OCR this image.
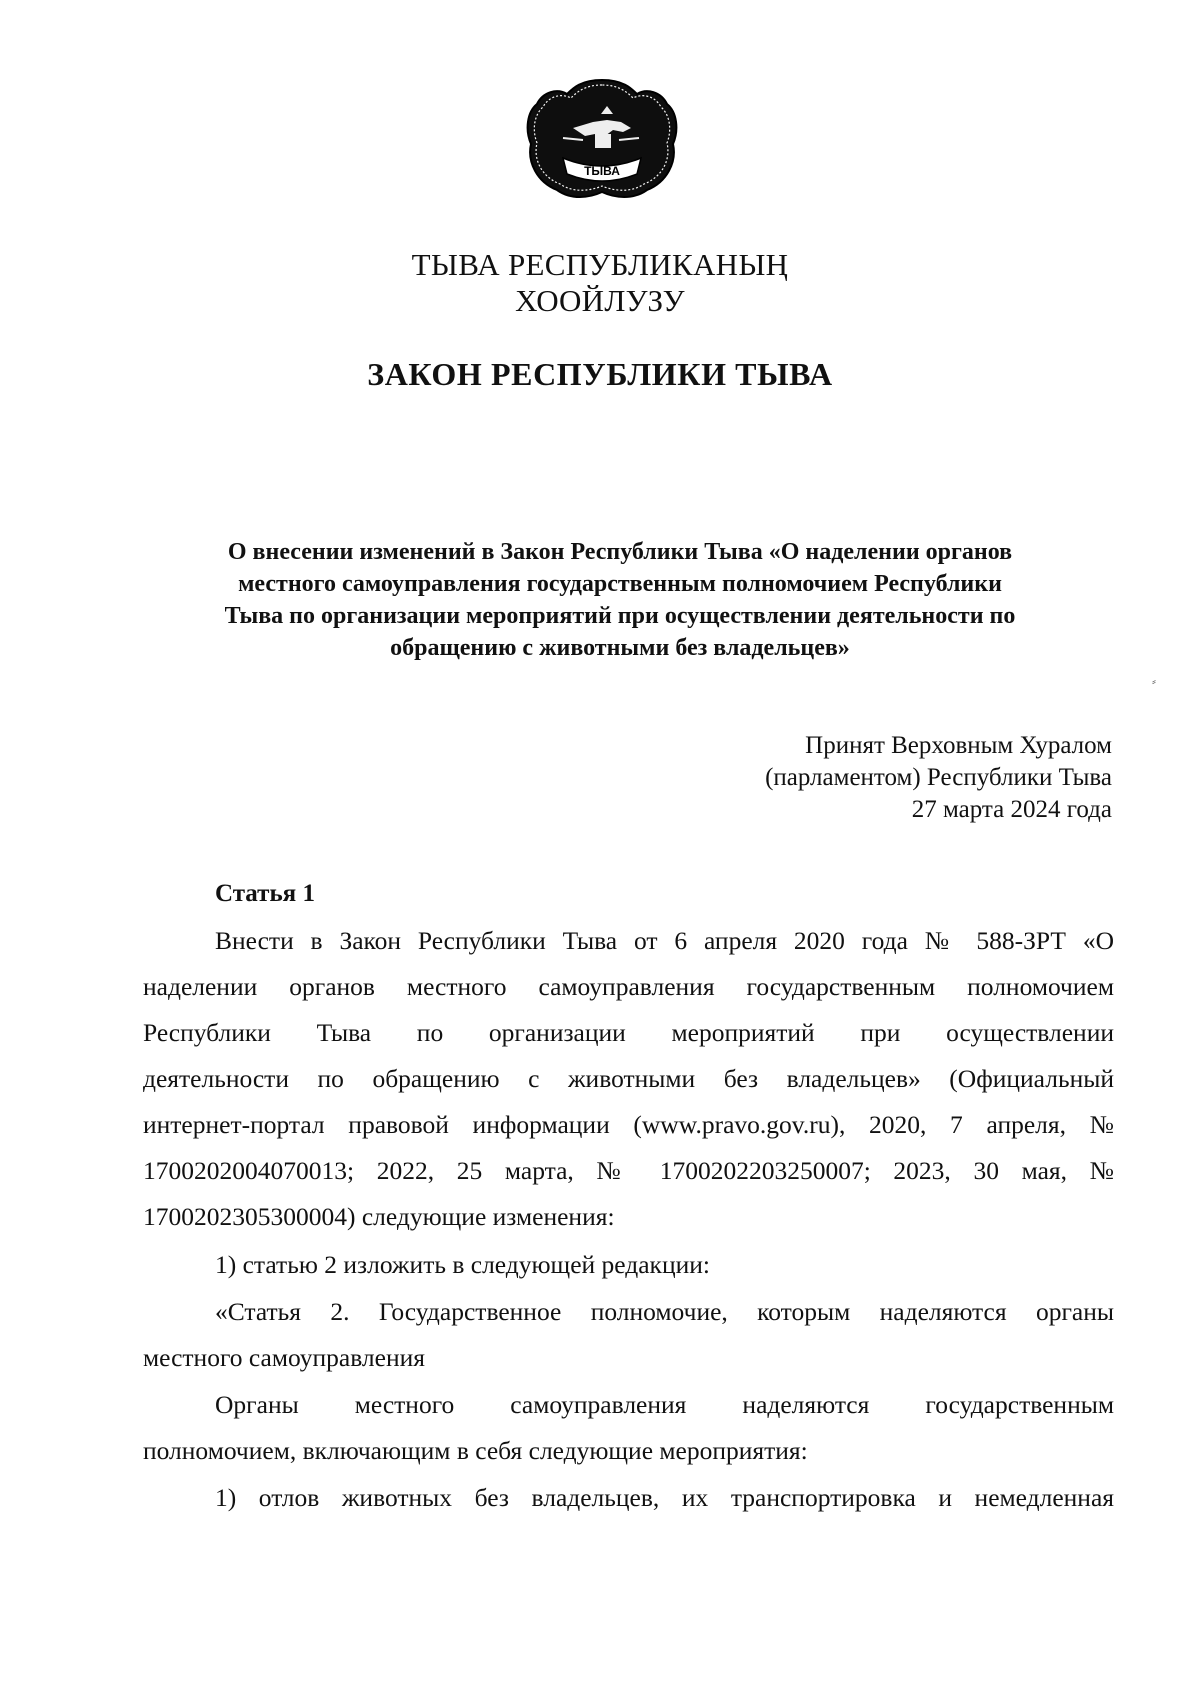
ТЫВА
ТЫВА РЕСПУБЛИКАНЫҢ
ХООЙЛУЗУ
ЗАКОН РЕСПУБЛИКИ ТЫВА
О внесении изменений в Закон Республики Тыва «О наделении органов
местного самоуправления государственным полномочием Республики
Тыва по организации мероприятий при осуществлении деятельности по
обращению с животными без владельцев»
Принят Верховным Хуралом
(парламентом) Республики Тыва
27 марта 2024 года
Статья 1
Внести в Закон Республики Тыва от 6 апреля 2020 года № 588-ЗРТ «О
наделении органов местного самоуправления государственным полномочием
Республики Тыва по организации мероприятий при осуществлении
деятельности по обращению с животными без владельцев» (Официальный
интернет-портал правовой информации (www.pravo.gov.ru), 2020, 7 апреля, №
1700202004070013; 2022, 25 марта, № 1700202203250007; 2023, 30 мая, №
1700202305300004) следующие изменения:
1) статью 2 изложить в следующей редакции:
«Статья 2. Государственное полномочие, которым наделяются органы
местного самоуправления
Органы местного самоуправления наделяются государственным
полномочием, включающим в себя следующие мероприятия:
1) отлов животных без владельцев, их транспортировка и немедленная
⸗
